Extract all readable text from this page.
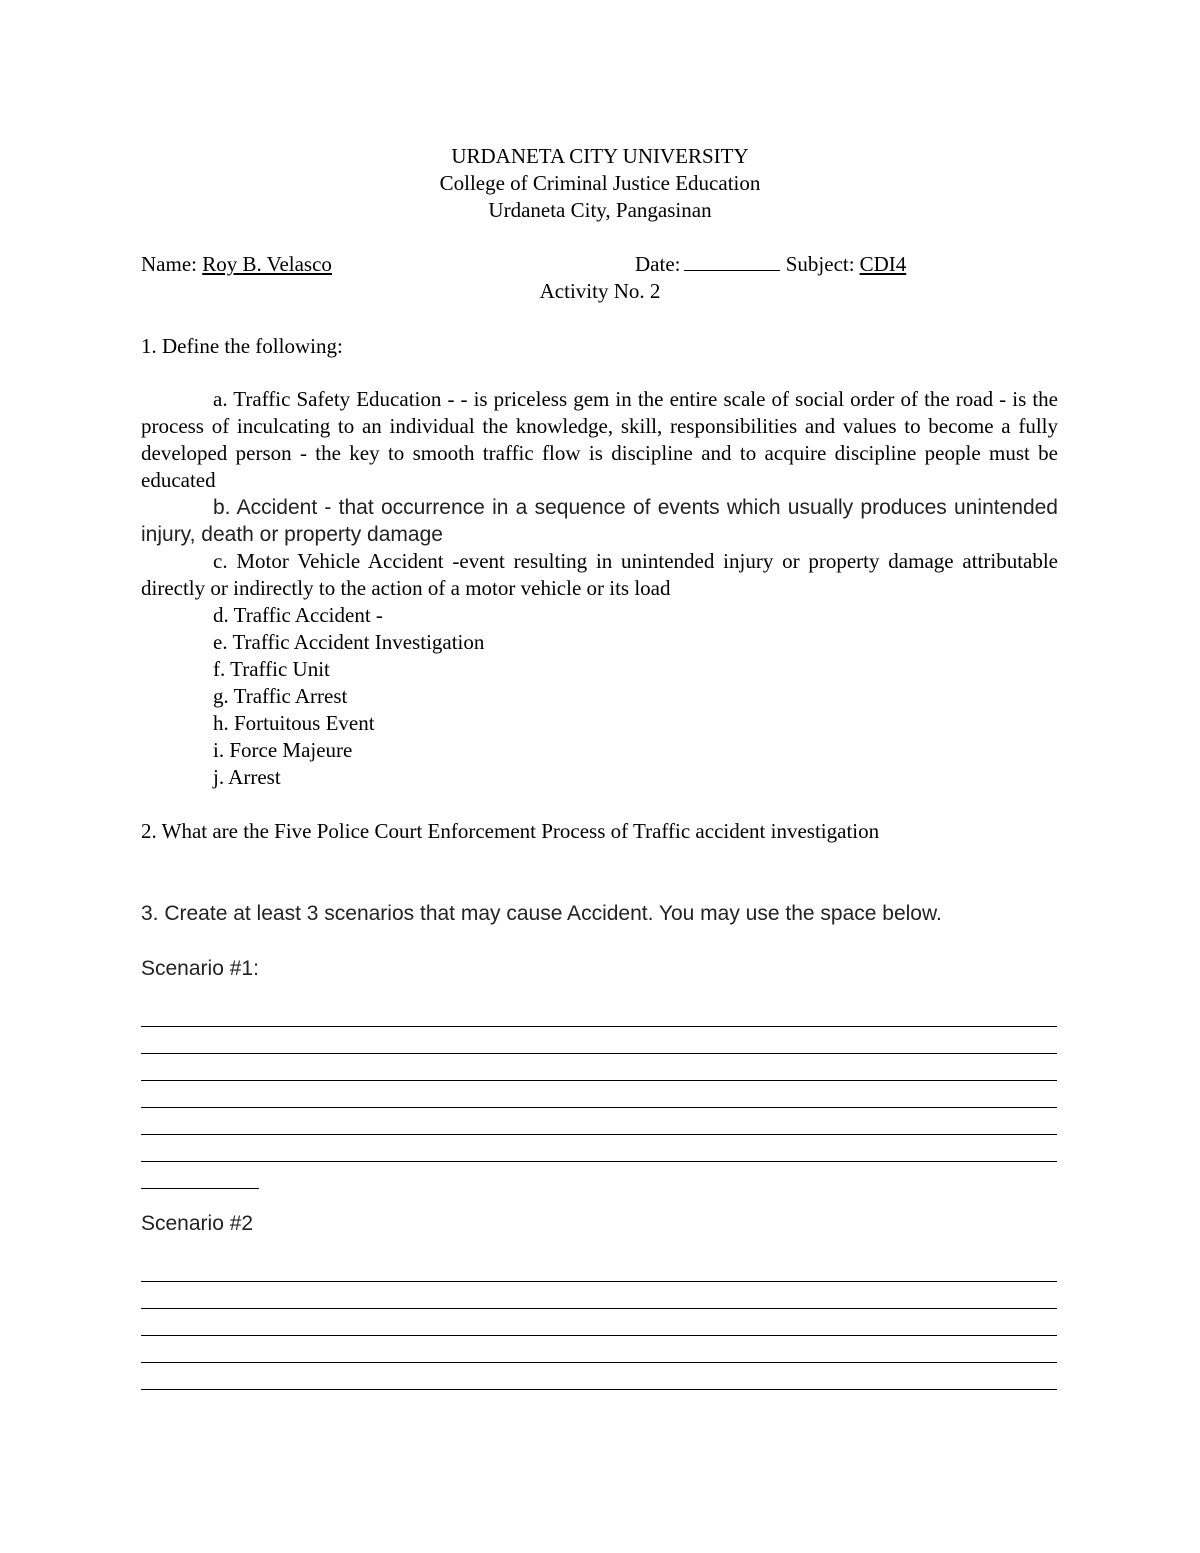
URDANETA CITY UNIVERSITY
College of Criminal Justice Education
Urdaneta City, Pangasinan
Name: Roy B. Velasco	Date:	Subject: CDI4
Activity No. 2
1. Define the following:
a. Traffic Safety Education - - is priceless gem in the entire scale of social order of the road - is the process of inculcating to an individual the knowledge, skill, responsibilities and values to become a fully developed person - the key to smooth traffic flow is discipline and to acquire discipline people must be educated
b. Accident - that occurrence in a sequence of events which usually produces unintended injury, death or property damage
c. Motor Vehicle Accident -event resulting in unintended injury or property damage attributable directly or indirectly to the action of a motor vehicle or its load
d. Traffic Accident -
e. Traffic Accident Investigation
f. Traffic Unit
g. Traffic Arrest
h. Fortuitous Event
i. Force Majeure
j. Arrest
2. What are the Five Police Court Enforcement Process of Traffic accident investigation
3. Create at least 3 scenarios that may cause Accident. You may use the space below.
Scenario #1:
Scenario #2
